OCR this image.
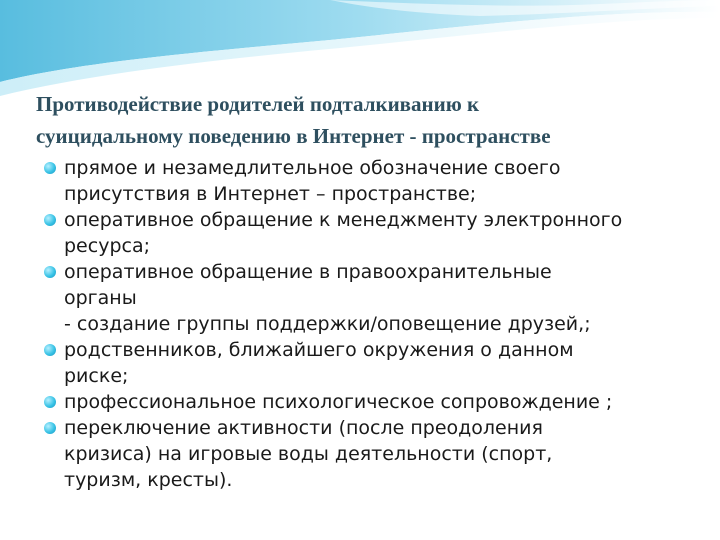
Противодействие родителей подталкиванию к
суицидальному поведению в Интернет - пространстве
прямое и незамедлительное обозначение своего
присутствия в Интернет – пространстве;
оперативное обращение к менеджменту электронного
ресурса;
оперативное обращение в правоохранительные
органы
- создание группы поддержки/оповещение друзей,;
родственников, ближайшего окружения о данном
риске;
профессиональное психологическое сопровождение ;
переключение активности (после преодоления
кризиса) на игровые воды деятельности (спорт,
туризм, кресты).
